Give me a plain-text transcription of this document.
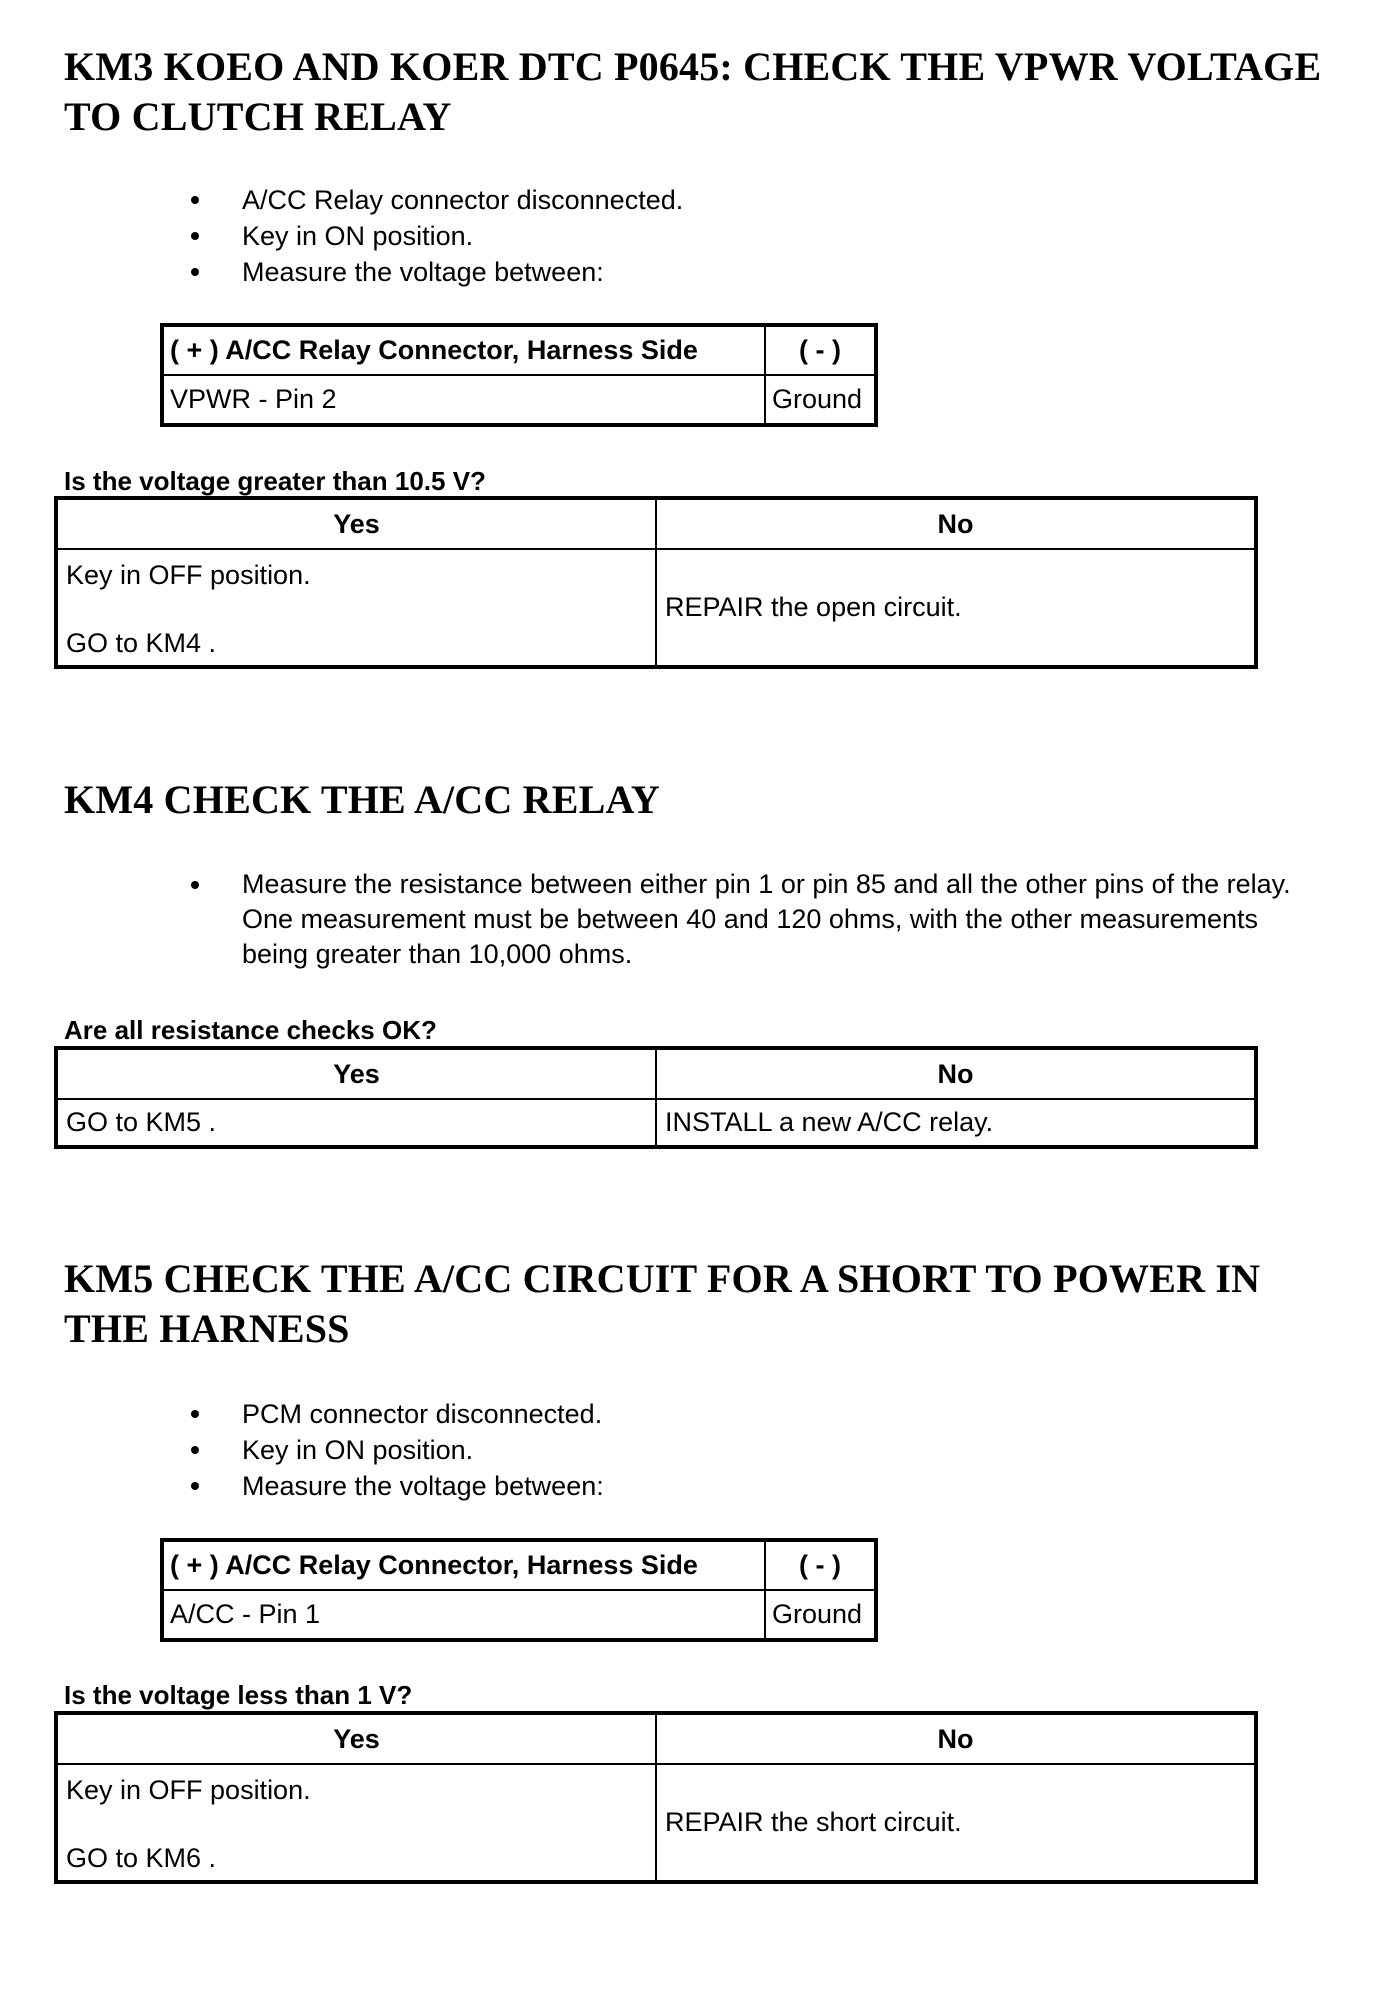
KM3 KOEO AND KOER DTC P0645: CHECK THE VPWR VOLTAGE TO CLUTCH RELAY
A/CC Relay connector disconnected.
Key in ON position.
Measure the voltage between:
( + ) A/CC Relay Connector, Harness Side	( - )
VPWR - Pin 2	Ground
Is the voltage greater than 10.5 V?
Yes	No

Key in OFF position.
GO to KM4 .	REPAIR the open circuit.
KM4 CHECK THE A/CC RELAY
Measure the resistance between either pin 1 or pin 85 and all the other pins of the relay. One measurement must be between 40 and 120 ohms, with the other measurements being greater than 10,000 ohms.
Are all resistance checks OK?
Yes	No
GO to KM5 .	INSTALL a new A/CC relay.
KM5 CHECK THE A/CC CIRCUIT FOR A SHORT TO POWER IN THE HARNESS
PCM connector disconnected.
Key in ON position.
Measure the voltage between:
( + ) A/CC Relay Connector, Harness Side	( - )
A/CC - Pin 1	Ground
Is the voltage less than 1 V?
Yes	No

Key in OFF position.
GO to KM6 .	REPAIR the short circuit.
